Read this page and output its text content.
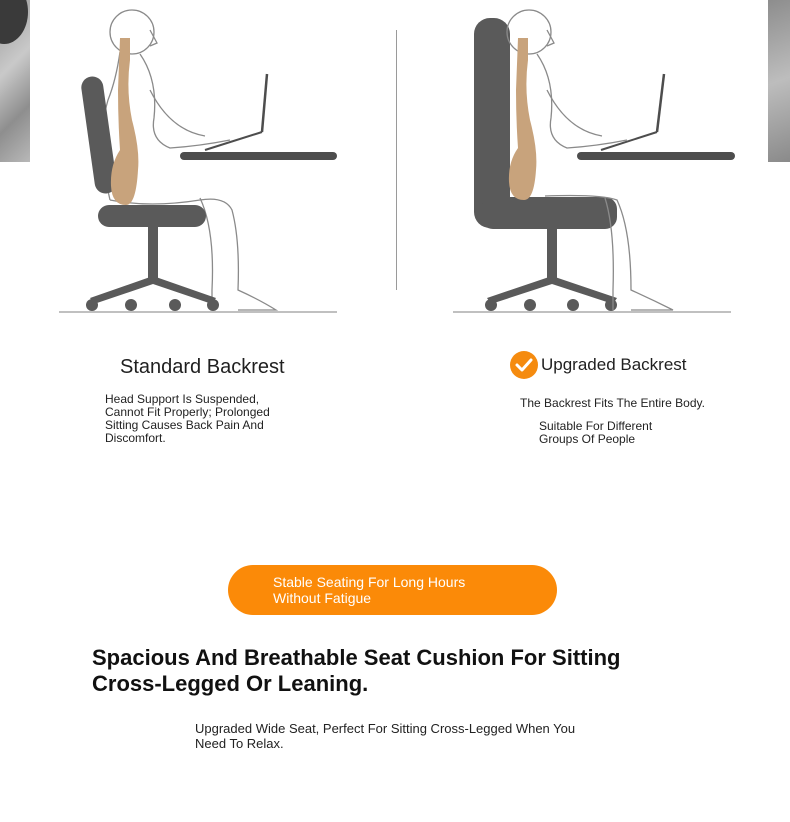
Standard Backrest
Head Support Is Suspended,
Cannot Fit Properly; Prolonged
Sitting Causes Back Pain And
Discomfort.
Upgraded Backrest
The Backrest Fits The Entire Body.
Suitable For Different
Groups Of People
Stable Seating For Long Hours
Without Fatigue
Spacious And Breathable Seat Cushion For Sitting
Cross-Legged Or Leaning.
Upgraded Wide Seat, Perfect For Sitting Cross-Legged When You
Need To Relax.
